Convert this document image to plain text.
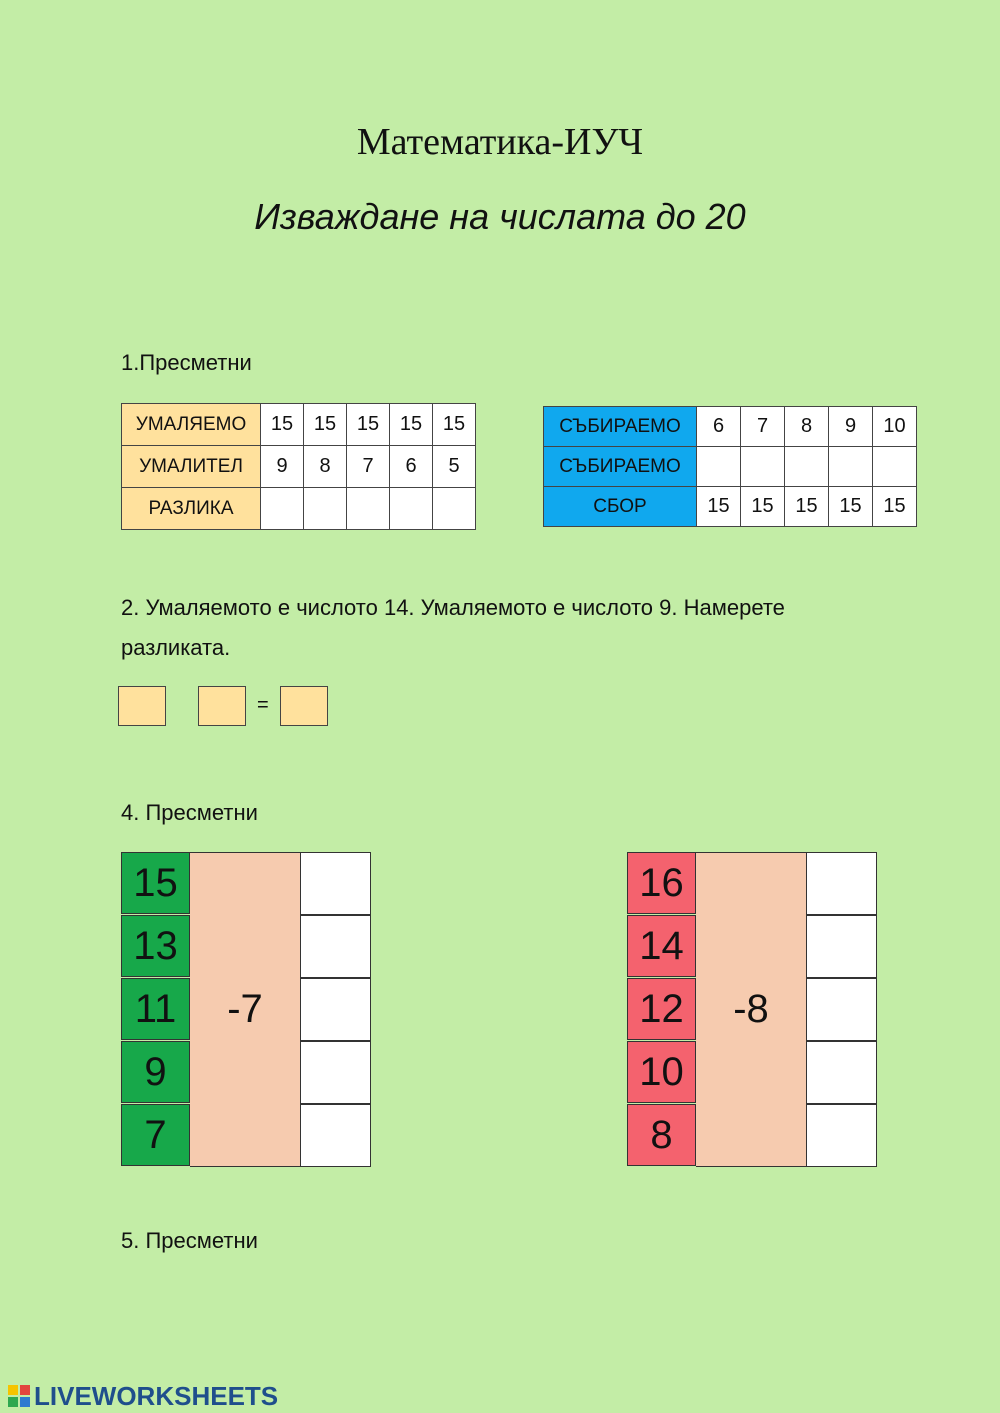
Математика-ИУЧ
Изваждане на числата до 20
1.Пресметни
УМАЛЯЕМО	15	15	15	15	15
УМАЛИТЕЛ	9	8	7	6	5
РАЗЛИКА					
СЪБИРАЕМО	6	7	8	9	10
СЪБИРАЕМО					
СБОР	15	15	15	15	15
2. Умаляемото е числото 14. Умаляемото е числото 9. Намерете разликата.
=
4. Пресметни
15
13
11
9
7
-7
16
14
12
10
8
-8
5. Пресметни
LIVEWORKSHEETS
